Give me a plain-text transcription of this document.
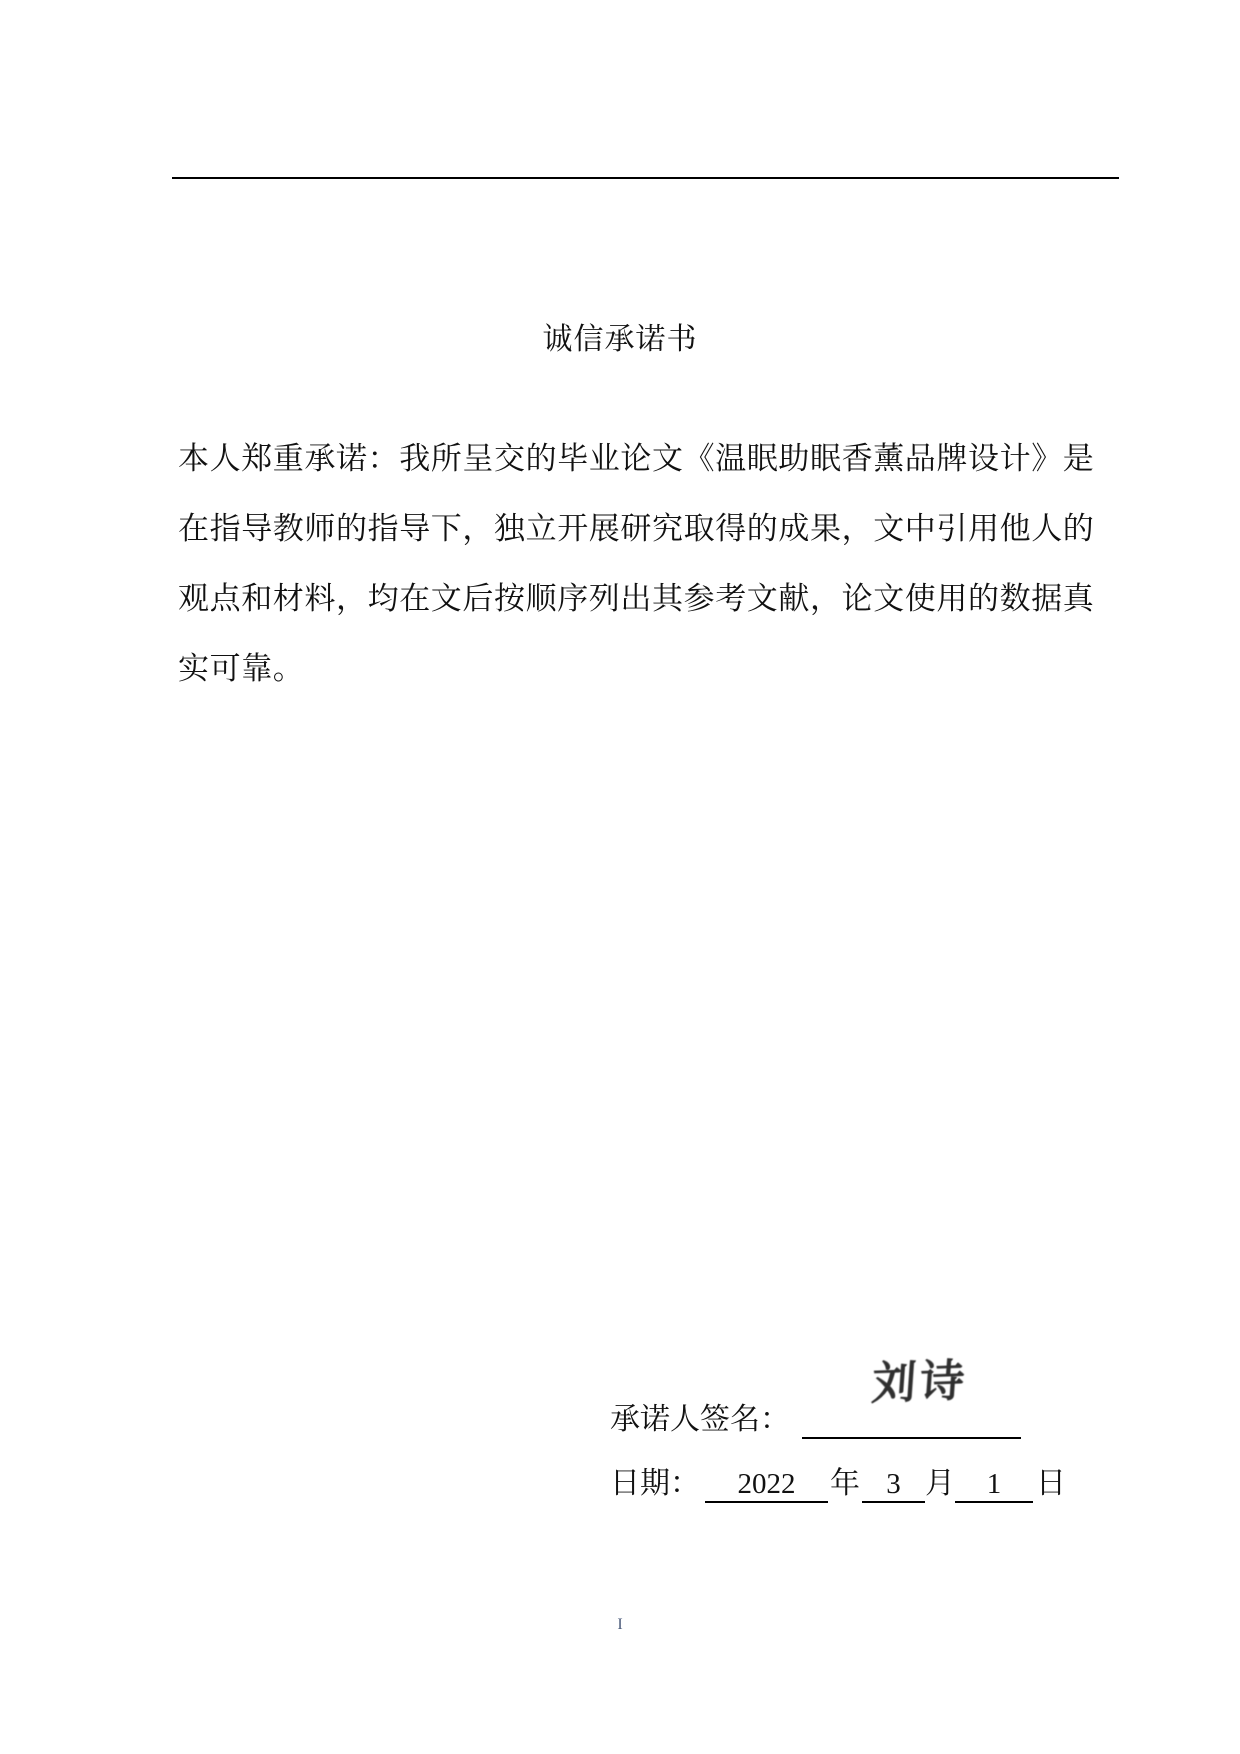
诚信承诺书
本人郑重承诺：我所呈交的毕业论文《温眠助眠香薰品牌设计》是
在指导教师的指导下，独立开展研究取得的成果，文中引用他人的
观点和材料，均在文后按顺序列出其参考文献，论文使用的数据真
实可靠。
承诺人签名：
刘诗
日期：	2022	年 3 月	1	日
I
